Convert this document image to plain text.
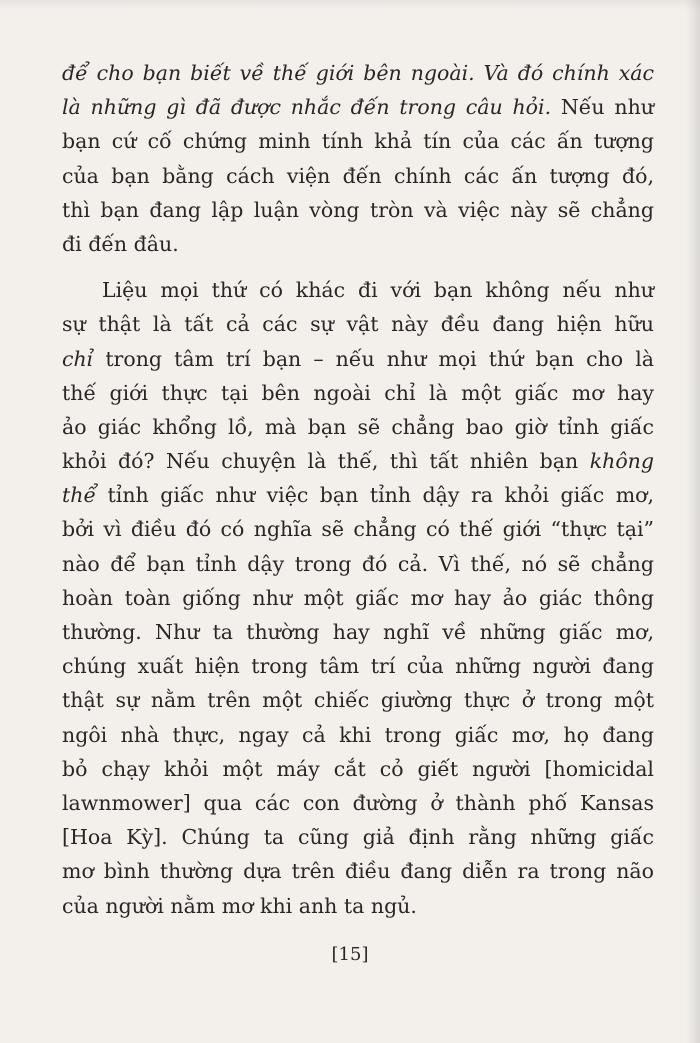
để cho bạn biết về thế giới bên ngoài. Và đó chính xác
là những gì đã được nhắc đến trong câu hỏi. Nếu như
bạn cứ cố chứng minh tính khả tín của các ấn tượng
của bạn bằng cách viện đến chính các ấn tượng đó,
thì bạn đang lập luận vòng tròn và việc này sẽ chẳng
đi đến đâu.
Liệu mọi thứ có khác đi với bạn không nếu như
sự thật là tất cả các sự vật này đều đang hiện hữu
chỉ trong tâm trí bạn – nếu như mọi thứ bạn cho là
thế giới thực tại bên ngoài chỉ là một giấc mơ hay
ảo giác khổng lồ, mà bạn sẽ chẳng bao giờ tỉnh giấc
khỏi đó? Nếu chuyện là thế, thì tất nhiên bạn không
thể tỉnh giấc như việc bạn tỉnh dậy ra khỏi giấc mơ,
bởi vì điều đó có nghĩa sẽ chẳng có thế giới “thực tại”
nào để bạn tỉnh dậy trong đó cả. Vì thế, nó sẽ chẳng
hoàn toàn giống như một giấc mơ hay ảo giác thông
thường. Như ta thường hay nghĩ về những giấc mơ,
chúng xuất hiện trong tâm trí của những người đang
thật sự nằm trên một chiếc giường thực ở trong một
ngôi nhà thực, ngay cả khi trong giấc mơ, họ đang
bỏ chạy khỏi một máy cắt cỏ giết người [homicidal
lawnmower] qua các con đường ở thành phố Kansas
[Hoa Kỳ]. Chúng ta cũng giả định rằng những giấc
mơ bình thường dựa trên điều đang diễn ra trong não
của người nằm mơ khi anh ta ngủ.
[15]
